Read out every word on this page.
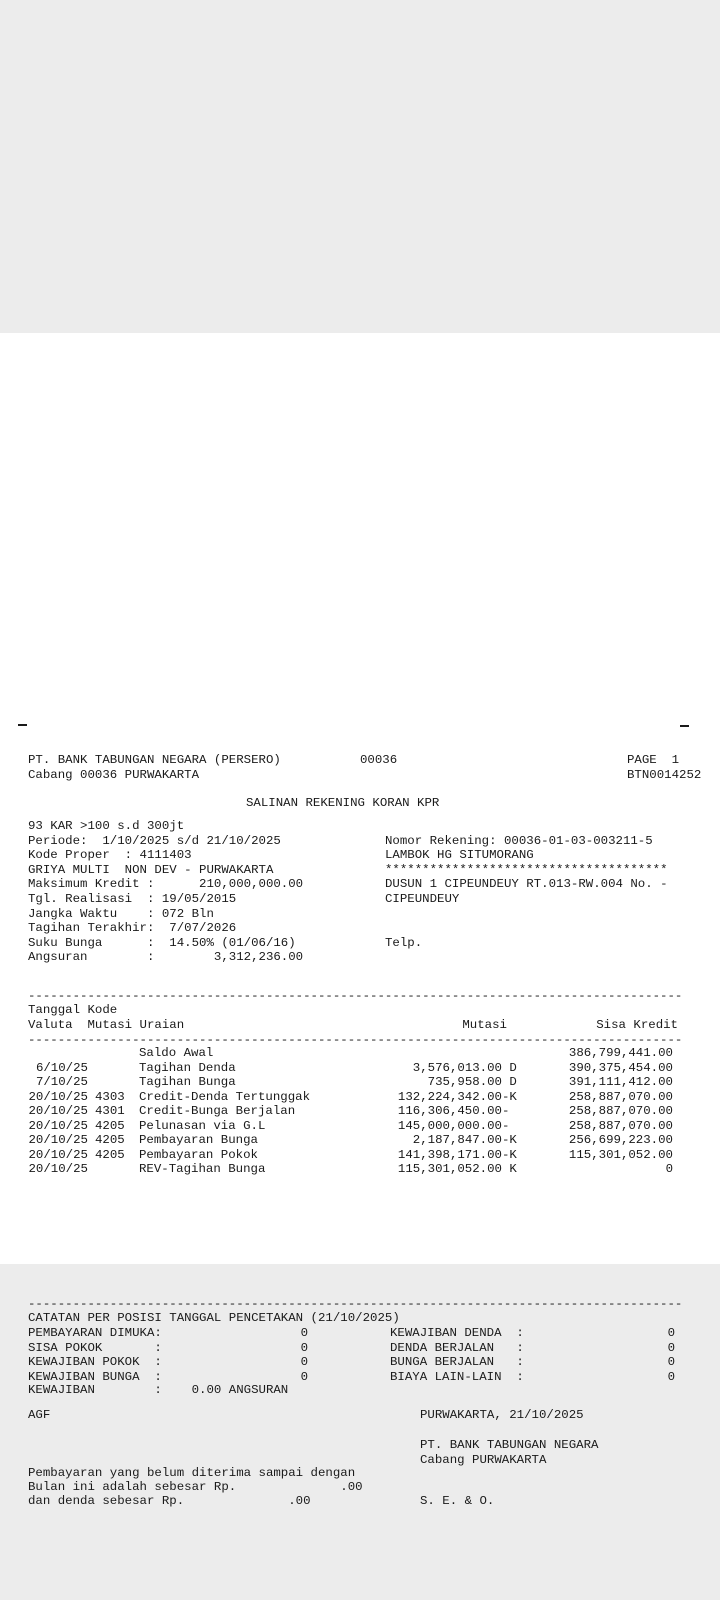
PT. BANK TABUNGAN NEGARA (PERSERO)	00036	PAGE  1
Cabang 00036 PURWAKARTA	BTN0014252
SALINAN REKENING KORAN KPR
93 KAR >100 s.d 300jt
Periode:  1/10/2025 s/d 21/10/2025	Nomor Rekening: 00036-01-03-003211-5
Kode Proper  : 4111403	LAMBOK HG SITUMORANG
GRIYA MULTI  NON DEV - PURWAKARTA	**************************************
Maksimum Kredit :      210,000,000.00	DUSUN 1 CIPEUNDEUY RT.013-RW.004 No. -
Tgl. Realisasi  : 19/05/2015	CIPEUNDEUY
Jangka Waktu    : 072 Bln
Tagihan Terakhir:  7/07/2026
Suku Bunga      :  14.50% (01/06/16)	Telp.
Angsuran        :        3,312,236.00
----------------------------------------------------------------------------------------
Tanggal Kode
Valuta  Mutasi Uraian	Mutasi	Sisa Kredit
----------------------------------------------------------------------------------------
Saldo Awal	386,799,441.00
6/10/25	Tagihan Denda	3,576,013.00 D	390,375,454.00
7/10/25	Tagihan Bunga	735,958.00 D	391,111,412.00
20/10/25 4303	Credit-Denda Tertunggak	132,224,342.00 -K	258,887,070.00
20/10/25 4301	Credit-Bunga Berjalan	116,306,450.00 -	258,887,070.00
20/10/25 4205	Pelunasan via G.L	145,000,000.00 -	258,887,070.00
20/10/25 4205	Pembayaran Bunga	2,187,847.00 -K	256,699,223.00
20/10/25 4205	Pembayaran Pokok	141,398,171.00 -K	115,301,052.00
20/10/25	REV-Tagihan Bunga	115,301,052.00 K	0
----------------------------------------------------------------------------------------
CATATAN PER POSISI TANGGAL PENCETAKAN (21/10/2025)
PEMBAYARAN DIMUKA:	0	KEWAJIBAN DENDA  :	0
SISA POKOK       :	0	DENDA BERJALAN   :	0
KEWAJIBAN POKOK  :	0	BUNGA BERJALAN   :	0
KEWAJIBAN BUNGA  :	0	BIAYA LAIN-LAIN  :	0
KEWAJIBAN        :    0.00 ANGSURAN
AGF	PURWAKARTA, 21/10/2025
PT. BANK TABUNGAN NEGARA
Cabang PURWAKARTA
Pembayaran yang belum diterima sampai dengan
Bulan ini adalah sebesar Rp.              .00
dan denda sebesar Rp.              .00	S. E. & O.
